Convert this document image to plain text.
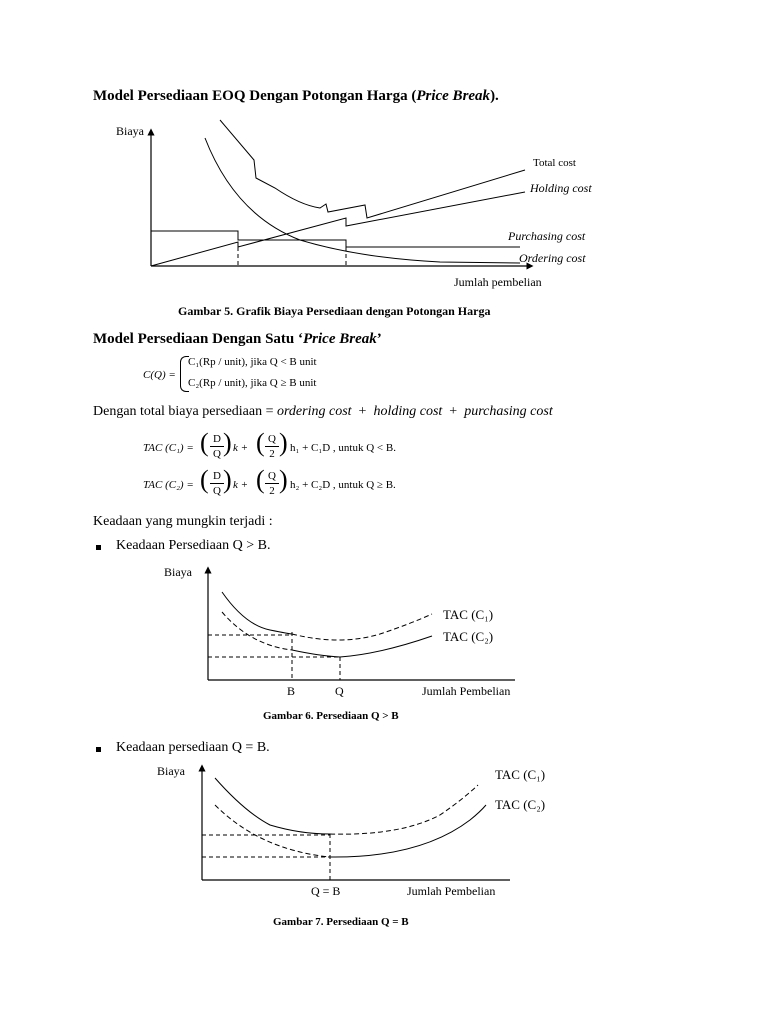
Model Persediaan EOQ Dengan Potongan Harga (Price Break).
Biaya
Total cost
Holding cost
Purchasing cost
Ordering cost
Jumlah pembelian
Gambar 5. Grafik Biaya Persediaan dengan Potongan Harga
Model Persediaan Dengan Satu ‘Price Break’
C(Q) =
C₁(Rp / unit), jika Q < B unit
C₂(Rp / unit), jika Q ≥ B unit
Dengan total biaya persediaan = ordering cost  +  holding cost  +  purchasing cost
TAC (C₁) = ( D
Q ) k + ( Q
2 ) h₁ + C₁D , untuk Q < B.
TAC (C₂) = ( D
Q ) k + ( Q
2 ) h₂ + C₂D , untuk Q ≥ B.
Keadaan yang mungkin terjadi :
Keadaan Persediaan Q > B.
Biaya
TAC (C₁)
TAC (C₂)
B	Q	Jumlah Pembelian
Gambar 6. Persediaan Q > B
Keadaan persediaan Q = B.
Biaya	TAC (C₁)
TAC (C₂)
Q = B	Jumlah Pembelian
Gambar 7. Persediaan Q = B
